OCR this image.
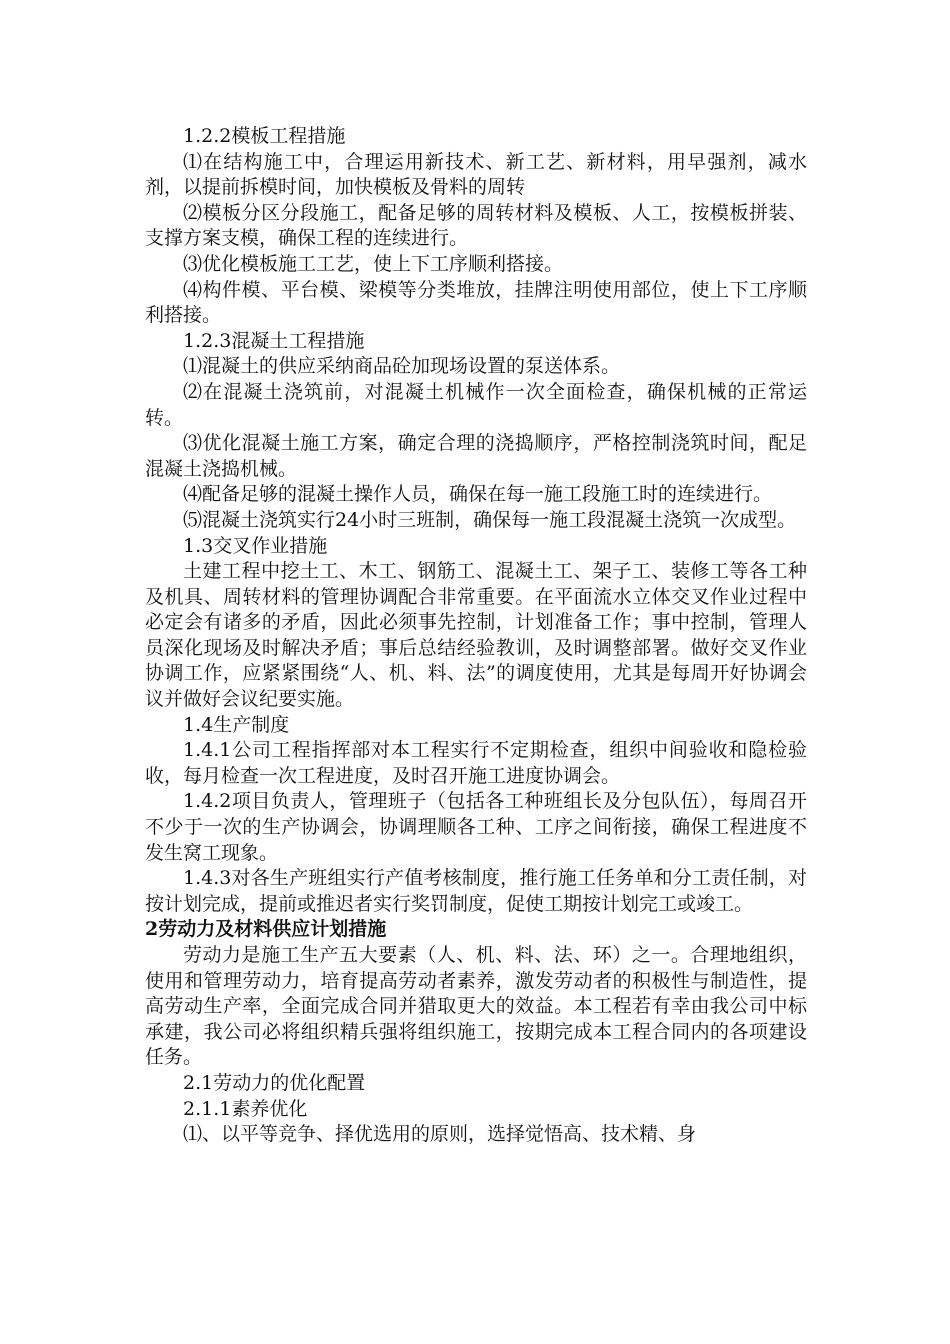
1.2.2模板工程措施

⑴在结构施工中，合理运用新技术、新工艺、新材料，用早强剂，减水剂，以提前拆模时间，加快模板及骨料的周转

⑵模板分区分段施工，配备足够的周转材料及模板、人工，按模板拼装、支撑方案支模，确保工程的连续进行。

⑶优化模板施工工艺，使上下工序顺利搭接。

⑷构件模、平台模、梁模等分类堆放，挂牌注明使用部位，使上下工序顺利搭接。

1.2.3混凝土工程措施

⑴混凝土的供应采纳商品砼加现场设置的泵送体系。

⑵在混凝土浇筑前，对混凝土机械作一次全面检查，确保机械的正常运转。

⑶优化混凝土施工方案，确定合理的浇捣顺序，严格控制浇筑时间，配足混凝土浇捣机械。

⑷配备足够的混凝土操作人员，确保在每一施工段施工时的连续进行。

⑸混凝土浇筑实行24小时三班制，确保每一施工段混凝土浇筑一次成型。

1.3交叉作业措施

土建工程中挖土工、木工、钢筋工、混凝土工、架子工、装修工等各工种及机具、周转材料的管理协调配合非常重要。在平面流水立体交叉作业过程中必定会有诸多的矛盾，因此必须事先控制，计划准备工作；事中控制，管理人员深化现场及时解决矛盾；事后总结经验教训，及时调整部署。做好交叉作业协调工作，应紧紧围绕“人、机、料、法”的调度使用，尤其是每周开好协调会议并做好会议纪要实施。

1.4生产制度

1.4.1公司工程指挥部对本工程实行不定期检查，组织中间验收和隐检验收，每月检查一次工程进度，及时召开施工进度协调会。

1.4.2项目负责人，管理班子（包括各工种班组长及分包队伍），每周召开不少于一次的生产协调会，协调理顺各工种、工序之间衔接，确保工程进度不发生窝工现象。

1.4.3对各生产班组实行产值考核制度，推行施工任务单和分工责任制，对按计划完成，提前或推迟者实行奖罚制度，促使工期按计划完工或竣工。

2劳动力及材料供应计划措施

劳动力是施工生产五大要素（人、机、料、法、环）之一。合理地组织，使用和管理劳动力，培育提高劳动者素养，激发劳动者的积极性与制造性，提高劳动生产率，全面完成合同并猎取更大的效益。本工程若有幸由我公司中标承建，我公司必将组织精兵强将组织施工，按期完成本工程合同内的各项建设任务。

2.1劳动力的优化配置

2.1.1素养优化

⑴、以平等竞争、择优选用的原则，选择觉悟高、技术精、身
